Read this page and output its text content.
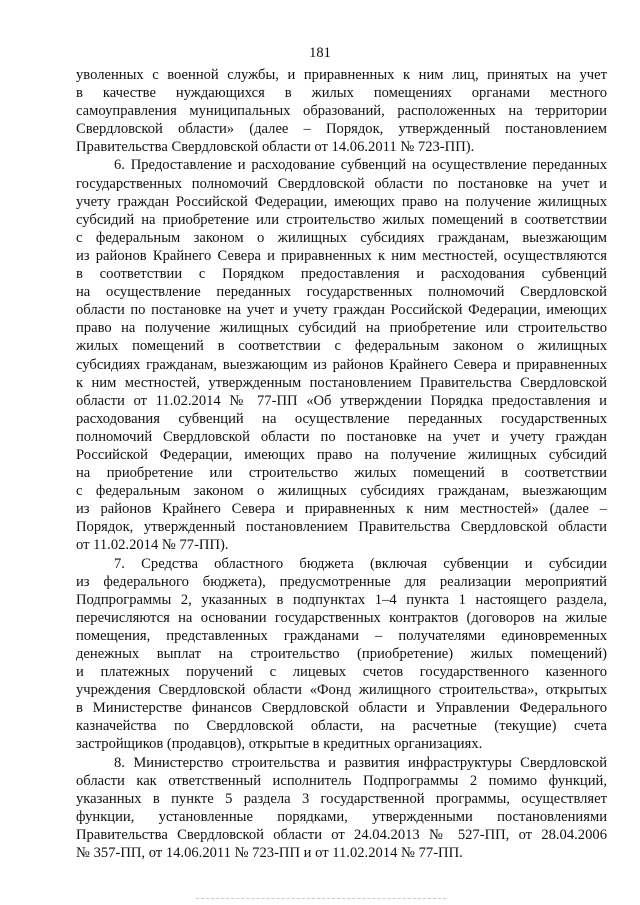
181
уволенных с военной службы, и приравненных к ним лиц, принятых на учет
в качестве нуждающихся в жилых помещениях органами местного
самоуправления муниципальных образований, расположенных на территории
Свердловской области» (далее – Порядок, утвержденный постановлением
Правительства Свердловской области от 14.06.2011 № 723-ПП).
6. Предоставление и расходование субвенций на осуществление переданных
государственных полномочий Свердловской области по постановке на учет и
учету граждан Российской Федерации, имеющих право на получение жилищных
субсидий на приобретение или строительство жилых помещений в соответствии
с федеральным законом о жилищных субсидиях гражданам, выезжающим
из районов Крайнего Севера и приравненных к ним местностей, осуществляются
в соответствии с Порядком предоставления и расходования субвенций
на осуществление переданных государственных полномочий Свердловской
области по постановке на учет и учету граждан Российской Федерации, имеющих
право на получение жилищных субсидий на приобретение или строительство
жилых помещений в соответствии с федеральным законом о жилищных
субсидиях гражданам, выезжающим из районов Крайнего Севера и приравненных
к ним местностей, утвержденным постановлением Правительства Свердловской
области от 11.02.2014 № 77-ПП «Об утверждении Порядка предоставления и
расходования субвенций на осуществление переданных государственных
полномочий Свердловской области по постановке на учет и учету граждан
Российской Федерации, имеющих право на получение жилищных субсидий
на приобретение или строительство жилых помещений в соответствии
с федеральным законом о жилищных субсидиях гражданам, выезжающим
из районов Крайнего Севера и приравненных к ним местностей» (далее –
Порядок, утвержденный постановлением Правительства Свердловской области
от 11.02.2014 № 77-ПП).
7. Средства областного бюджета (включая субвенции и субсидии
из федерального бюджета), предусмотренные для реализации мероприятий
Подпрограммы 2, указанных в подпунктах 1–4 пункта 1 настоящего раздела,
перечисляются на основании государственных контрактов (договоров на жилые
помещения, представленных гражданами – получателями единовременных
денежных выплат на строительство (приобретение) жилых помещений)
и платежных поручений с лицевых счетов государственного казенного
учреждения Свердловской области «Фонд жилищного строительства», открытых
в Министерстве финансов Свердловской области и Управлении Федерального
казначейства по Свердловской области, на расчетные (текущие) счета
застройщиков (продавцов), открытые в кредитных организациях.
8. Министерство строительства и развития инфраструктуры Свердловской
области как ответственный исполнитель Подпрограммы 2 помимо функций,
указанных в пункте 5 раздела 3 государственной программы, осуществляет
функции, установленные порядками, утвержденными постановлениями
Правительства Свердловской области от 24.04.2013 № 527-ПП, от 28.04.2006
№ 357-ПП, от 14.06.2011 № 723-ПП и от 11.02.2014 № 77-ПП.
